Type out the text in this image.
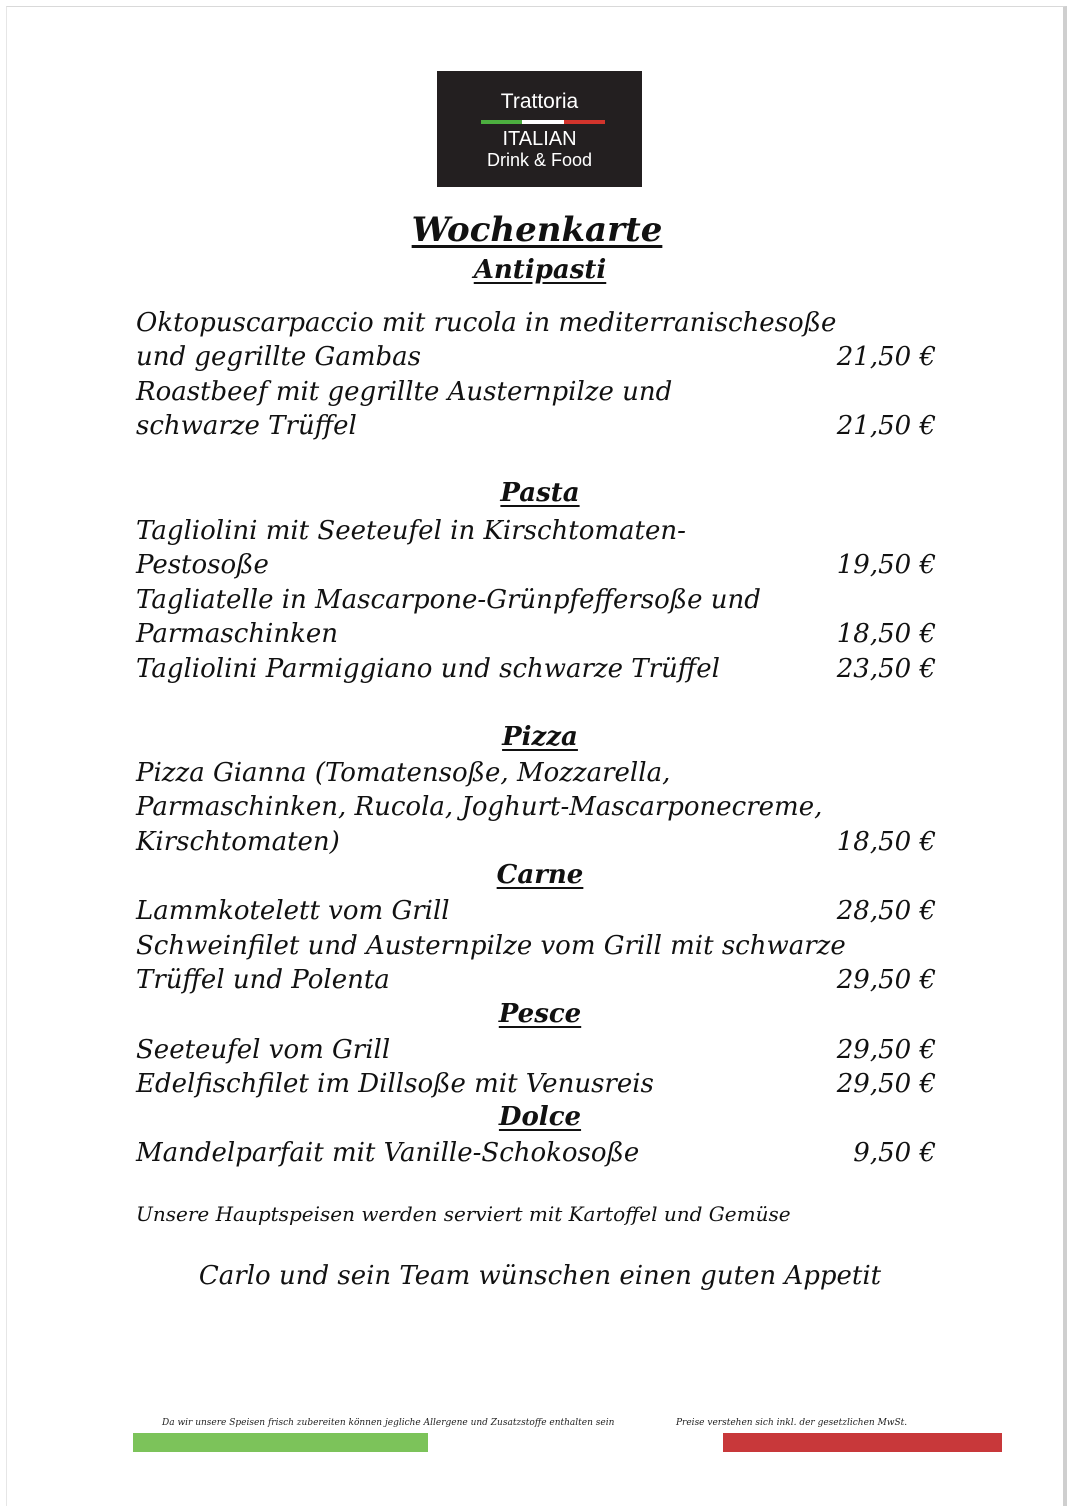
Trattoria
ITALIAN
Drink & Food
Wochenkarte
Antipasti
Oktopuscarpaccio mit rucola in mediterranischesoße
und gegrillte Gambas	21,50 €
Roastbeef mit gegrillte Austernpilze und
schwarze Trüffel	21,50 €
Pasta
Tagliolini mit Seeteufel in Kirschtomaten-
Pestosoße	19,50 €
Tagliatelle in Mascarpone-Grünpfeffersoße und
Parmaschinken	18,50 €
Tagliolini Parmiggiano und schwarze Trüffel	23,50 €
Pizza
Pizza Gianna (Tomatensoße, Mozzarella,
Parmaschinken, Rucola, Joghurt-Mascarponecreme,
Kirschtomaten)	18,50 €
Carne
Lammkotelett vom Grill	28,50 €
Schweinfilet und Austernpilze vom Grill mit schwarze
Trüffel und Polenta	29,50 €
Pesce
Seeteufel vom Grill	29,50 €
Edelfischfilet im Dillsoße mit Venusreis	29,50 €
Dolce
Mandelparfait mit Vanille-Schokosoße	9,50 €
Unsere Hauptspeisen werden serviert mit Kartoffel und Gemüse
Carlo und sein Team wünschen einen guten Appetit
Da wir unsere Speisen frisch zubereiten können jegliche Allergene und Zusatzstoffe enthalten sein	Preise verstehen sich inkl. der gesetzlichen MwSt.
